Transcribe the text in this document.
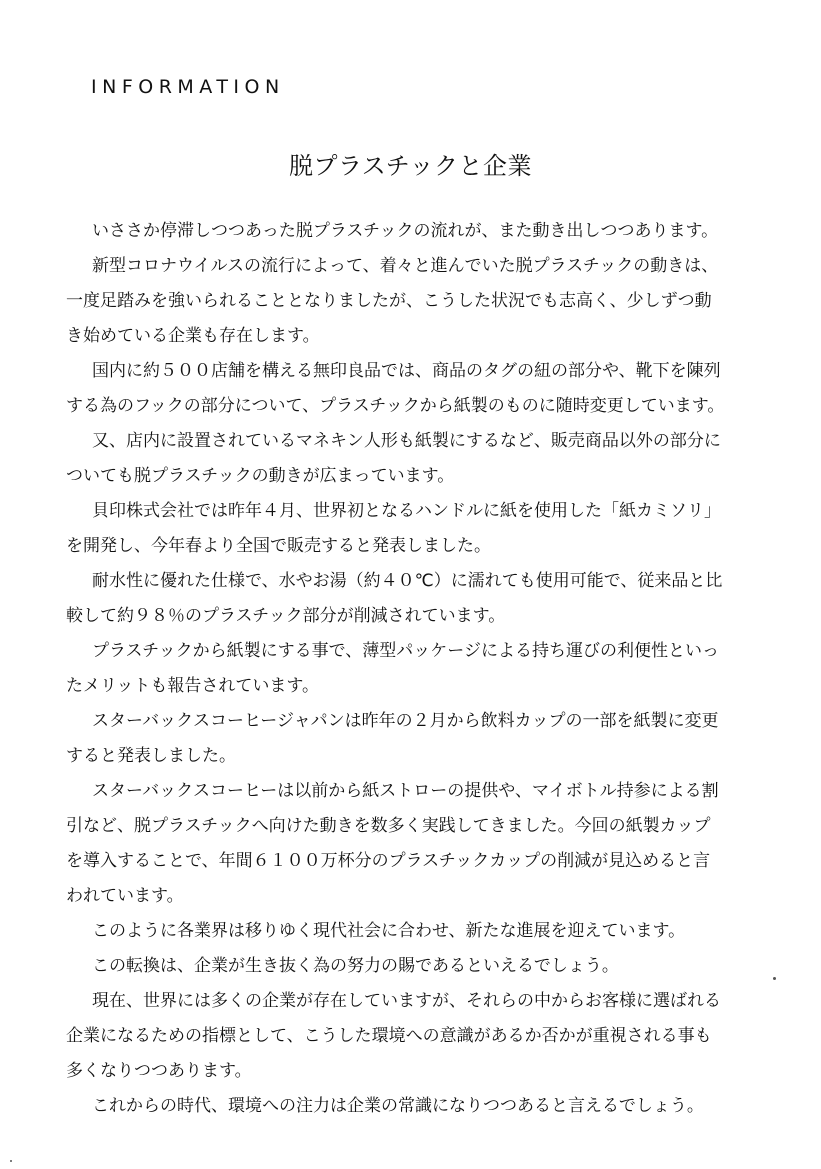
INFORMATION
脱プラスチックと企業

いささか停滞しつつあった脱プラスチックの流れが、また動き出しつつあります。

新型コロナウイルスの流行によって、着々と進んでいた脱プラスチックの動きは、
一度足踏みを強いられることとなりましたが、こうした状況でも志高く、少しずつ動
き始めている企業も存在します。

国内に約５００店舗を構える無印良品では、商品のタグの紐の部分や、靴下を陳列
する為のフックの部分について、プラスチックから紙製のものに随時変更しています。

又、店内に設置されているマネキン人形も紙製にするなど、販売商品以外の部分に
ついても脱プラスチックの動きが広まっています。

貝印株式会社では昨年４月、世界初となるハンドルに紙を使用した「紙カミソリ」
を開発し、今年春より全国で販売すると発表しました。

耐水性に優れた仕様で、水やお湯（約４０℃）に濡れても使用可能で、従来品と比
較して約９８％のプラスチック部分が削減されています。

プラスチックから紙製にする事で、薄型パッケージによる持ち運びの利便性といっ
たメリットも報告されています。

スターバックスコーヒージャパンは昨年の２月から飲料カップの一部を紙製に変更
すると発表しました。

スターバックスコーヒーは以前から紙ストローの提供や、マイボトル持参による割
引など、脱プラスチックへ向けた動きを数多く実践してきました。今回の紙製カップ
を導入することで、年間６１００万杯分のプラスチックカップの削減が見込めると言
われています。

このように各業界は移りゆく現代社会に合わせ、新たな進展を迎えています。

この転換は、企業が生き抜く為の努力の賜であるといえるでしょう。

現在、世界には多くの企業が存在していますが、それらの中からお客様に選ばれる
企業になるための指標として、こうした環境への意識があるか否かが重視される事も
多くなりつつあります。

これからの時代、環境への注力は企業の常識になりつつあると言えるでしょう。
